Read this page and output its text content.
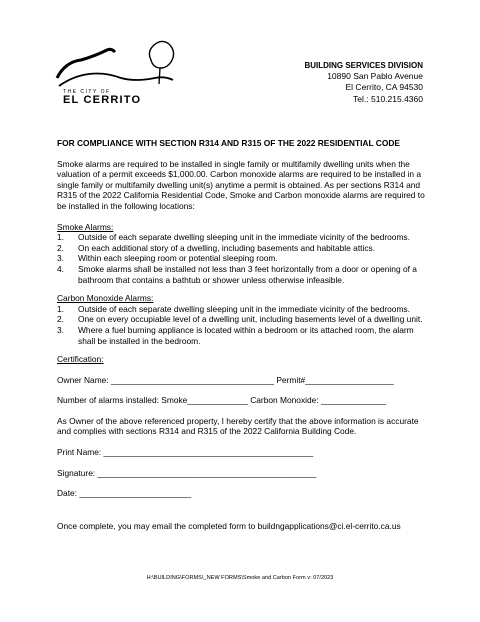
THE CITY OF
EL CERRITO
BUILDING SERVICES DIVISION
10890 San Pablo Avenue
El Cerrito, CA 94530
Tel.: 510.215.4360
FOR COMPLIANCE WITH SECTION R314 AND R315 OF THE 2022 RESIDENTIAL CODE

Smoke alarms are required to be installed in single family or multifamily dwelling units when the valuation of a permit exceeds $1,000.00. Carbon monoxide alarms are required to be installed in a single family or multifamily dwelling unit(s) anytime a permit is obtained. As per sections R314 and R315 of the 2022 California Residential Code, Smoke and Carbon monoxide alarms are required to be installed in the following locations:

Smoke Alarms:
1.	Outside of each separate dwelling sleeping unit in the immediate vicinity of the bedrooms.
2.	On each additional story of a dwelling, including basements and habitable attics.
3.	Within each sleeping room or potential sleeping room.
4.	Smoke alarms shall be installed not less than 3 feet horizontally from a door or opening of a bathroom that contains a bathtub or shower unless otherwise infeasible.
Carbon Monoxide Alarms:
1.	Outside of each separate dwelling sleeping unit in the immediate vicinity of the bedrooms.
2.	One on every occupiable level of a dwelling unit, including basements level of a dwelling unit.
3.	Where a fuel burning appliance is located within a bedroom or its attached room, the alarm shall be installed in the bedroom.

Certification:

Owner Name: ___________________________________ Permit#___________________
Number of alarms installed: Smoke_____________ Carbon Monoxide: ______________

As Owner of the above referenced property, I hereby certify that the above information is accurate and complies with sections R314 and R315 of the 2022 California Building Code.

Print Name: _____________________________________________
Signature: _______________________________________________
Date: ________________________
Once complete, you may email the completed form to buildngapplications@ci.el-cerrito.ca.us
H:\BUILDING\FORMS\_NEW FORMS\Smoke and Carbon Form v: 07/2023
